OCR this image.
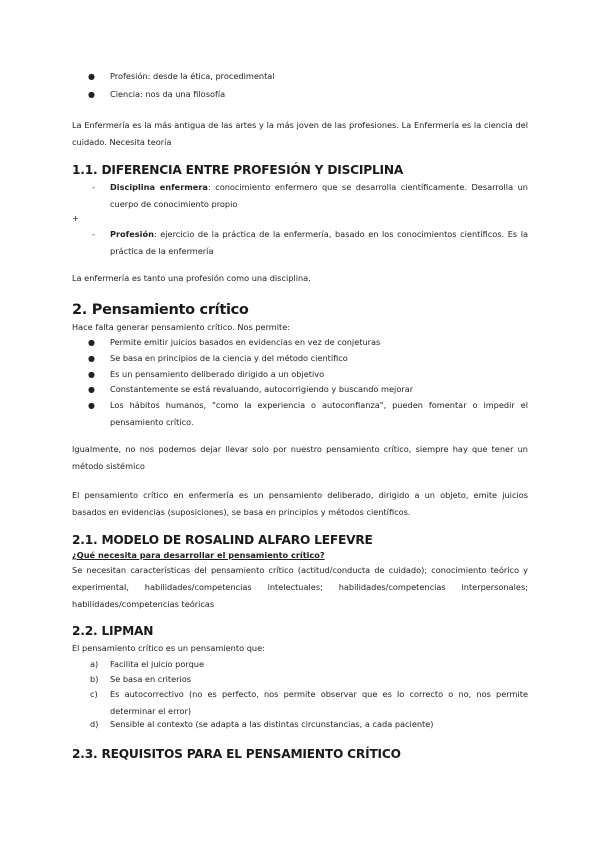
● Profesión: desde la ética, procedimental
● Ciencia: nos da una filosofía
La Enfermería es la más antigua de las artes y la más joven de las profesiones. La Enfermería es la ciencia del cuidado. Necesita teoría
1.1. DIFERENCIA ENTRE PROFESIÓN Y DISCIPLINA
- Disciplina enfermera: conocimiento enfermero que se desarrolla científicamente. Desarrolla un cuerpo de conocimiento propio
+
- Profesión: ejercicio de la práctica de la enfermería, basado en los conocimientos científicos. Es la práctica de la enfermería
La enfermería es tanto una profesión como una disciplina.
2. Pensamiento crítico
Hace falta generar pensamiento crítico. Nos permite:
● Permite emitir juicios basados en evidencias en vez de conjeturas
● Se basa en principios de la ciencia y del método científico
● Es un pensamiento deliberado dirigido a un objetivo
● Constantemente se está revaluando, autocorrigiendo y buscando mejorar
● Los hábitos humanos, "como la experiencia o autoconfianza", pueden fomentar o impedir el pensamiento crítico.
Igualmente, no nos podemos dejar llevar solo por nuestro pensamiento crítico, siempre hay que tener un método sistémico
El pensamiento crítico en enfermería es un pensamiento deliberado, dirigido a un objeto, emite juicios basados en evidencias (suposiciones), se basa en principios y métodos científicos.
2.1. MODELO DE ROSALIND ALFARO LEFEVRE
¿Qué necesita para desarrollar el pensamiento crítico?
Se necesitan características del pensamiento crítico (actitud/conducta de cuidado); conocimiento teórico y experimental, habilidades/competencias intelectuales; habilidades/competencias interpersonales; habilidades/competencias teóricas
2.2. LIPMAN
El pensamiento crítico es un pensamiento que:
a) Facilita el juicio porque
b) Se basa en criterios
c) Es autocorrectivo (no es perfecto, nos permite observar que es lo correcto o no, nos permite determinar el error)
d) Sensible al contexto (se adapta a las distintas circunstancias, a cada paciente)
2.3. REQUISITOS PARA EL PENSAMIENTO CRÍTICO
